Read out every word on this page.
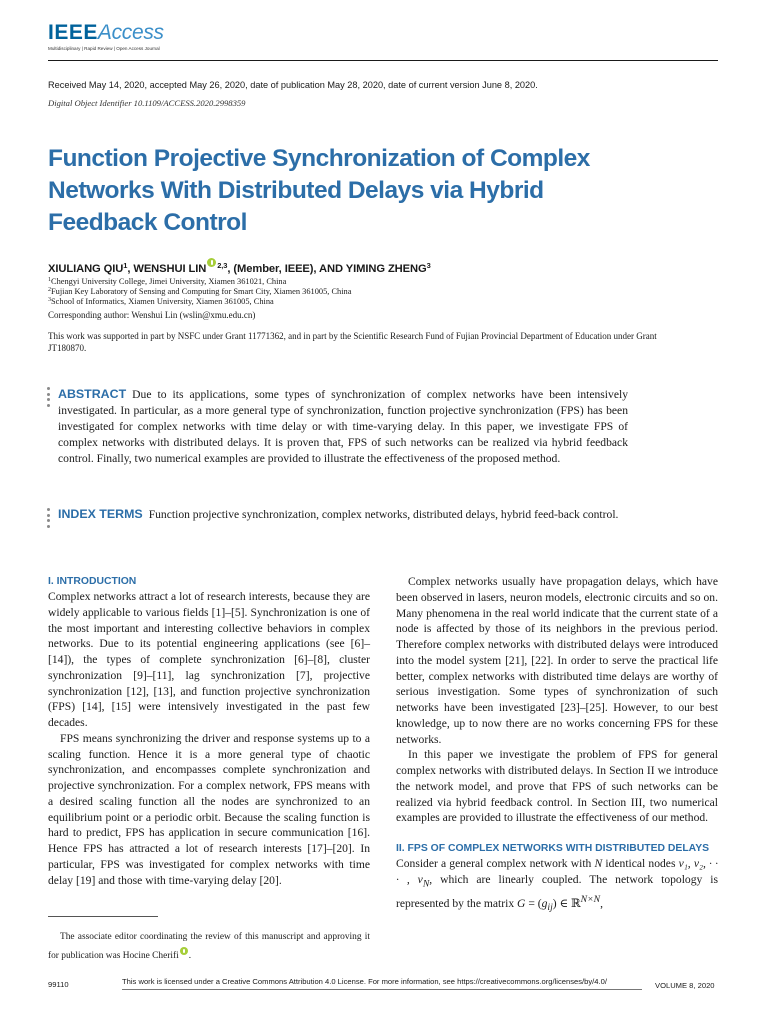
IEEEAccess
Multidisciplinary | Rapid Review | Open Access Journal
Received May 14, 2020, accepted May 26, 2020, date of publication May 28, 2020, date of current version June 8, 2020.
Digital Object Identifier 10.1109/ACCESS.2020.2998359
Function Projective Synchronization of Complex Networks With Distributed Delays via Hybrid Feedback Control
XIULIANG QIU$^1$, WENSHUI LIN $^{2,3}$, (Member, IEEE), AND YIMING ZHENG$^3$
$^1$Chengyi University College, Jimei University, Xiamen 361021, China
$^2$Fujian Key Laboratory of Sensing and Computing for Smart City, Xiamen 361005, China
$^3$School of Informatics, Xiamen University, Xiamen 361005, China
Corresponding author: Wenshui Lin (wslin@xmu.edu.cn)
This work was supported in part by NSFC under Grant 11771362, and in part by the Scientific Research Fund of Fujian Provincial Department of Education under Grant JT180870.
ABSTRACT Due to its applications, some types of synchronization of complex networks have been intensively investigated. In particular, as a more general type of synchronization, function projective synchronization (FPS) has been investigated for complex networks with time delay or with time-varying delay. In this paper, we investigate FPS of complex networks with distributed delays. It is proven that, FPS of such networks can be realized via hybrid feedback control. Finally, two numerical examples are provided to illustrate the effectiveness of the proposed method.
INDEX TERMS Function projective synchronization, complex networks, distributed delays, hybrid feed-back control.
I. INTRODUCTION

Complex networks attract a lot of research interests, because they are widely applicable to various fields [1]–[5]. Synchronization is one of the most important and interesting collective behaviors in complex networks. Due to its potential engineering applications (see [6]–[14]), the types of complete synchronization [6]–[8], cluster synchronization [9]–[11], lag synchronization [7], projective synchronization [12], [13], and function projective synchronization (FPS) [14], [15] were intensively investigated in the past few decades.

FPS means synchronizing the driver and response systems up to a scaling function. Hence it is a more general type of chaotic synchronization, and encompasses complete synchronization and projective synchronization. For a complex network, FPS means with a desired scaling function all the nodes are synchronized to an equilibrium point or a periodic orbit. Because the scaling function is hard to predict, FPS has application in secure communication [16]. Hence FPS has attracted a lot of research interests [17]–[20]. In particular, FPS was investigated for complex networks with time delay [19] and those with time-varying delay [20].

Complex networks usually have propagation delays, which have been observed in lasers, neuron models, electronic circuits and so on. Many phenomena in the real world indicate that the current state of a node is affected by those of its neighbors in the previous period. Therefore complex networks with distributed delays were introduced into the model system [21], [22]. In order to serve the practical life better, complex networks with distributed time delays are worthy of serious investigation. Some types of synchronization of such networks have been investigated [23]–[25]. However, to our best knowledge, up to now there are no works concerning FPS for these networks.

In this paper we investigate the problem of FPS for general complex networks with distributed delays. In Section II we introduce the network model, and prove that FPS of such networks can be realized via hybrid feedback control. In Section III, two numerical examples are provided to illustrate the effectiveness of our method.

II. FPS OF COMPLEX NETWORKS WITH DISTRIBUTED DELAYS

Consider a general complex network with N identical nodes v₁, v₂, · · · , $v_N$, which are linearly coupled. The network topology is represented by the matrix $G = (g_{ij})$ ∈ ℝ$^{N\times N}$,

The associate editor coordinating the review of this manuscript and approving it for publication was Hocine Cherifi .
99110	This work is licensed under a Creative Commons Attribution 4.0 License. For more information, see https://creativecommons.org/licenses/by/4.0/	VOLUME 8, 2020
